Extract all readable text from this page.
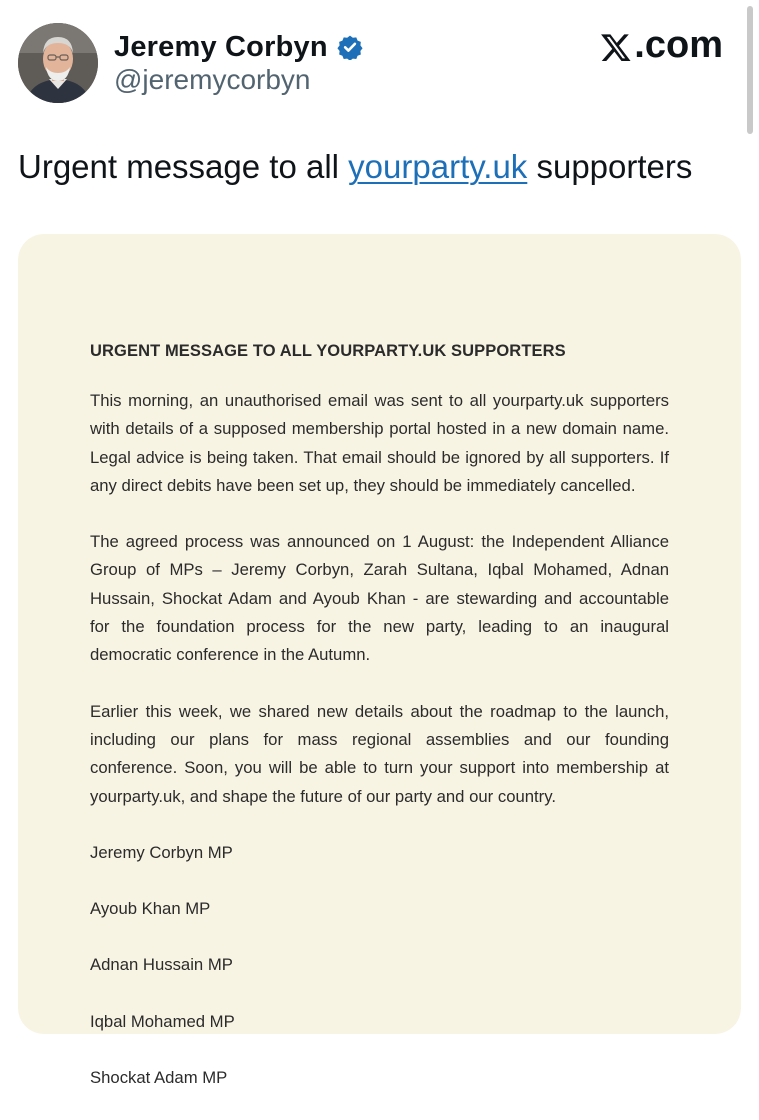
Jeremy Corbyn
@jeremycorbyn
.com
Urgent message to all yourparty.uk supporters
URGENT MESSAGE TO ALL YOURPARTY.UK SUPPORTERS

This morning, an unauthorised email was sent to all yourparty.uk supporters with details of a supposed membership portal hosted in a new domain name. Legal advice is being taken. That email should be ignored by all supporters. If any direct debits have been set up, they should be immediately cancelled.

The agreed process was announced on 1 August: the Independent Alliance Group of MPs – Jeremy Corbyn, Zarah Sultana, Iqbal Mohamed, Adnan Hussain, Shockat Adam and Ayoub Khan - are stewarding and accountable for the foundation process for the new party, leading to an inaugural democratic conference in the Autumn.

Earlier this week, we shared new details about the roadmap to the launch, including our plans for mass regional assemblies and our founding conference. Soon, you will be able to turn your support into membership at yourparty.uk, and shape the future of our party and our country.

Jeremy Corbyn MP

Ayoub Khan MP

Adnan Hussain MP

Iqbal Mohamed MP

Shockat Adam MP
